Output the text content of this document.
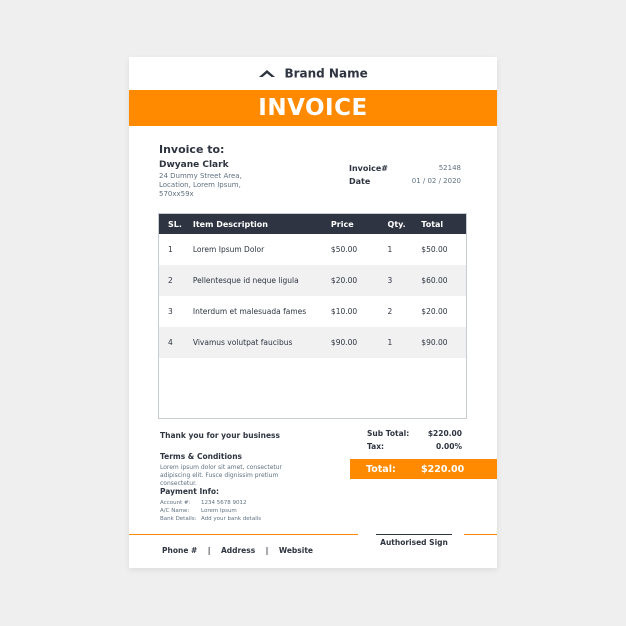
Brand Name
INVOICE
Invoice to:
Dwyane Clark
24 Dummy Street Area, Location, Lorem Ipsum, 570xx59x
Invoice#	52148
Date	01 / 02 / 2020
SL.	Item Description	Price	Qty.	Total
1	Lorem Ipsum Dolor	$50.00	1	$50.00
2	Pellentesque id neque ligula	$20.00	3	$60.00
3	Interdum et malesuada fames	$10.00	2	$20.00
4	Vivamus volutpat faucibus	$90.00	1	$90.00
Thank you for your business
Terms & Conditions
Lorem ipsum dolor sit amet, consectetur adipiscing elit. Fusce dignissim pretium consectetur.
Payment Info:
Account #:	1234 5678 9012
A/C Name:	Lorem Ipsum
Bank Details: Add your bank details
Sub Total: $220.00
Tax:	0.00%
Total:	$220.00
Authorised Sign
Phone #    |    Address    |    Website
